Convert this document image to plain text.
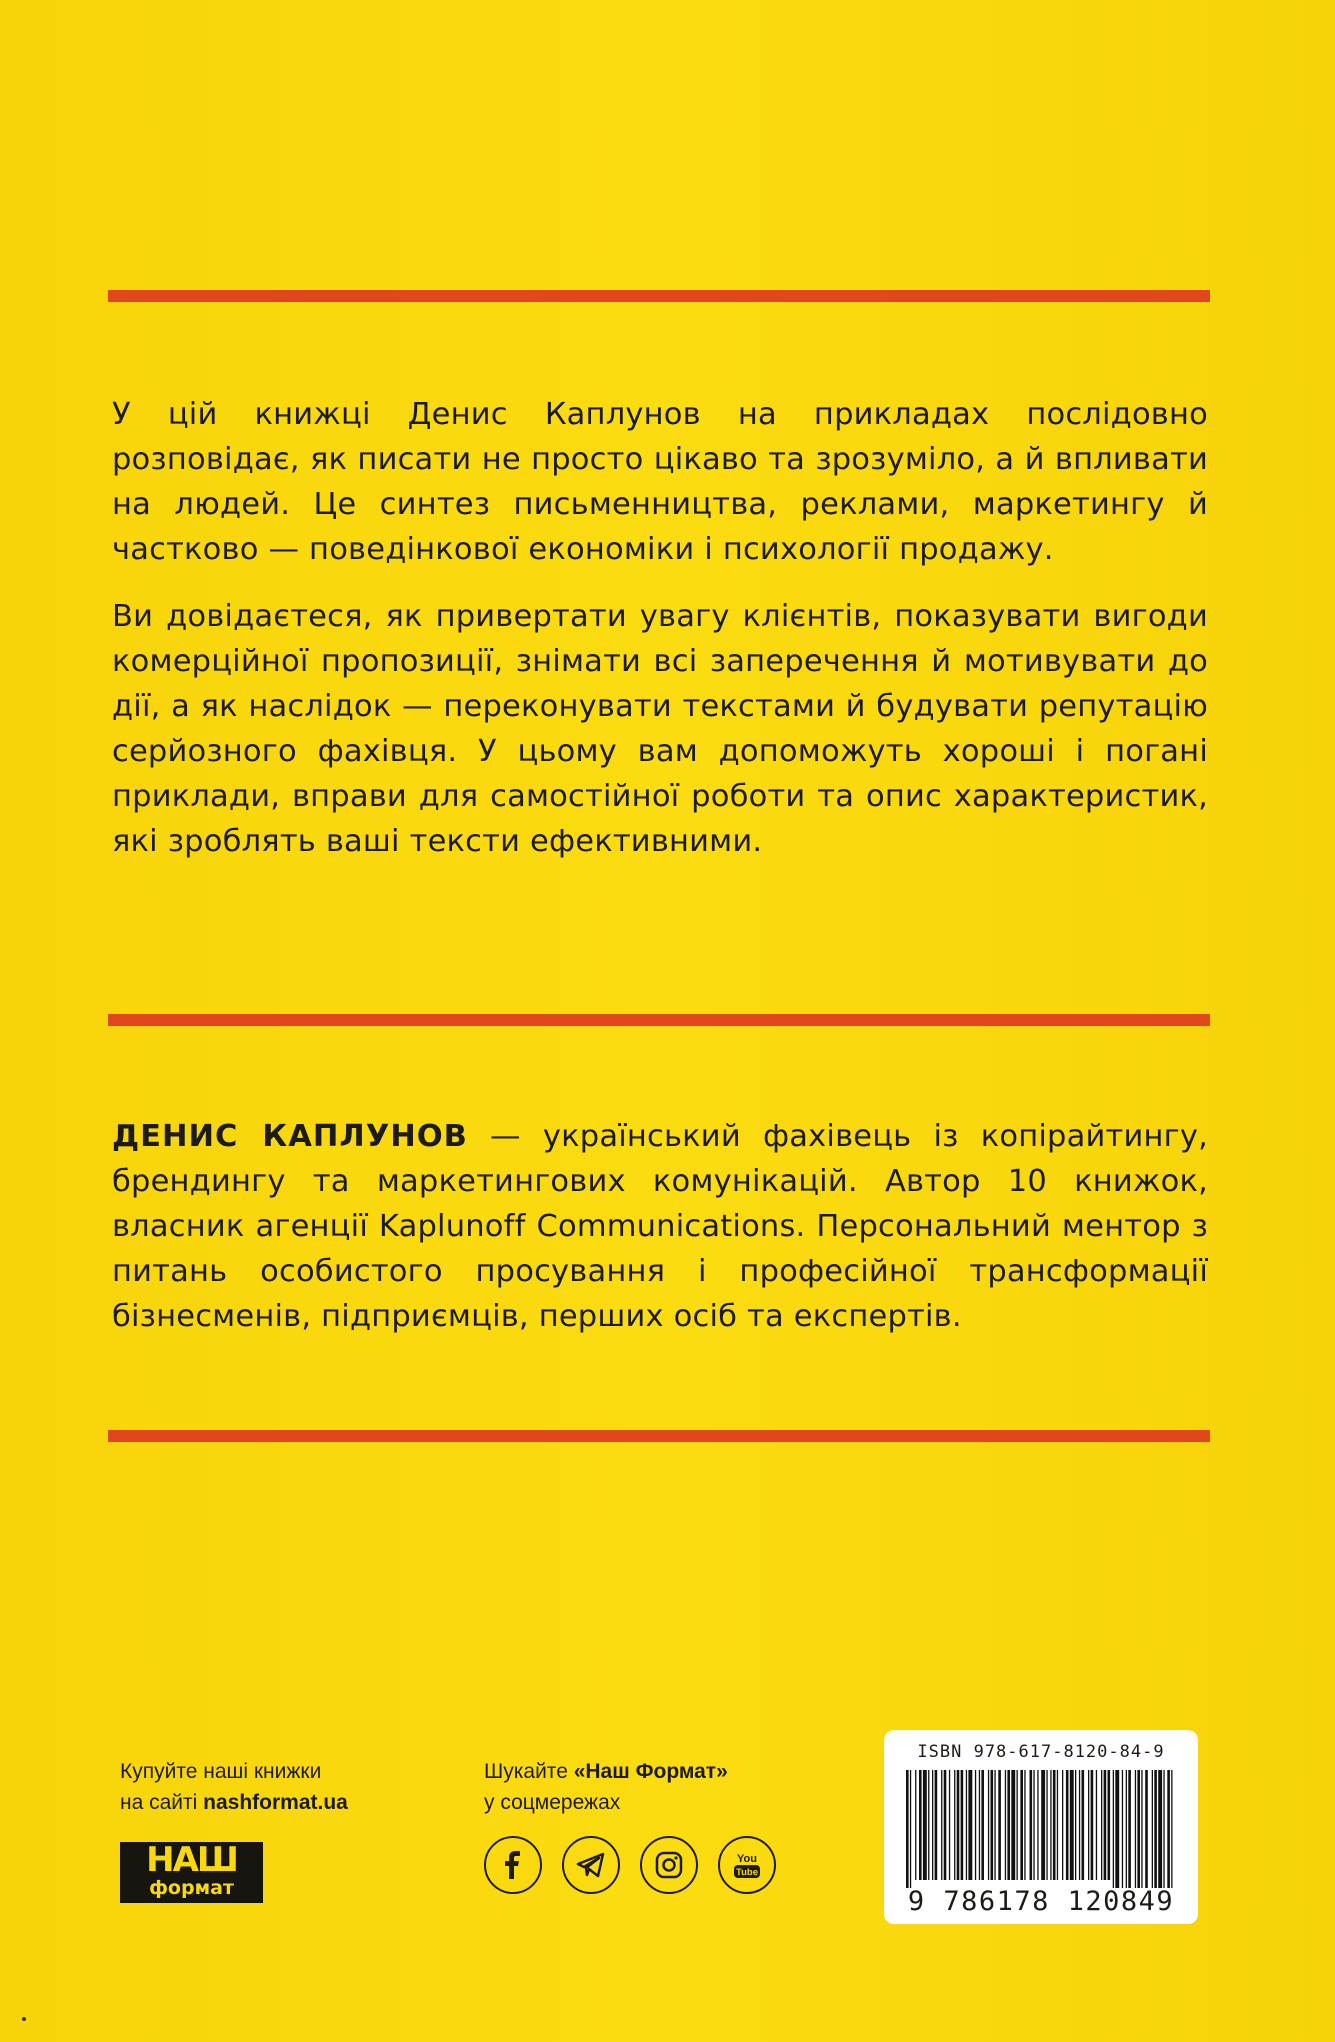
У цій книжці Денис Каплунов на прикладах послідовно розповідає, як писати не просто цікаво та зрозуміло, а й впливати на людей. Це синтез письменництва, реклами, маркетингу й частково — поведінкової економіки і психології продажу.

Ви довідаєтеся, як привертати увагу клієнтів, показувати вигоди комерційної пропозиції, знімати всі заперечення й мотивувати до дії, а як наслідок — переконувати текстами й будувати репутацію серйозного фахівця. У цьому вам допоможуть хороші і погані приклади, вправи для самостійної роботи та опис характеристик, які зроблять ваші тексти ефективними.

ДЕНИС КАПЛУНОВ — український фахівець із копірайтингу, брендингу та маркетингових комунікацій. Автор 10 книжок, власник агенції Kaplunoff Communications. Персональний ментор з питань особистого просування і професійної трансформації бізнесменів, підприємців, перших осіб та експертів.

Купуйте наші книжки
на сайті nashformat.ua
НАШ
формат
Шукайте «Наш Формат»
у соцмережах
You
Tube
ISBN 978-617-8120-84-9
9 786178 120849
